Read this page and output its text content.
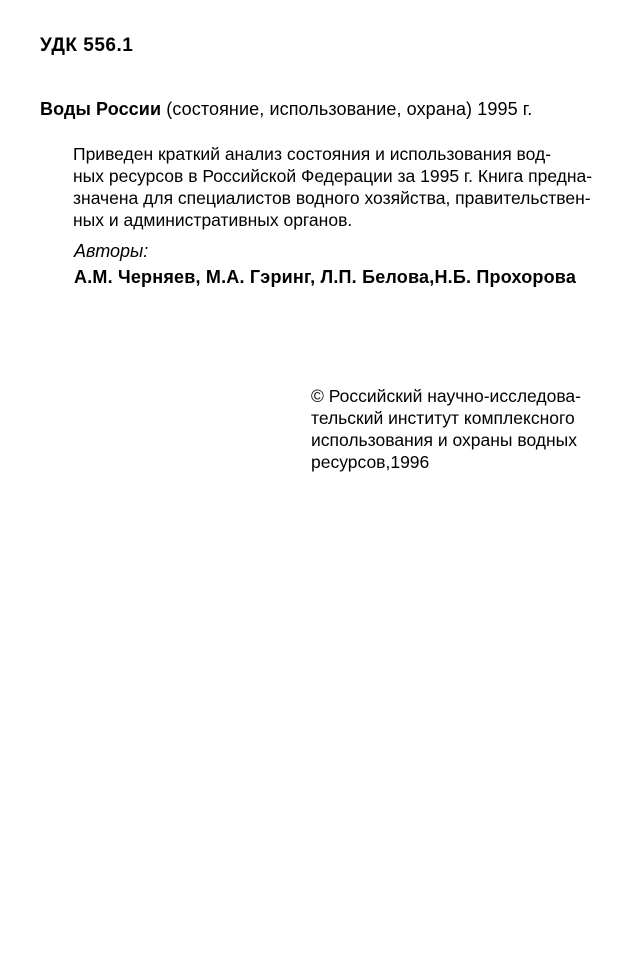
УДК 556.1
Воды России (состояние, использование, охрана) 1995 г.
Приведен краткий анализ состояния и использования вод-
ных ресурсов в Российской Федерации за 1995 г. Книга предна-
значена для специалистов водного хозяйства, правительствен-
ных и административных органов.
Авторы:
А.М. Черняев, М.А. Гэринг, Л.П. Белова,Н.Б. Прохорова
© Российский научно-исследова-
тельский институт комплексного
использования и охраны водных
ресурсов,1996
